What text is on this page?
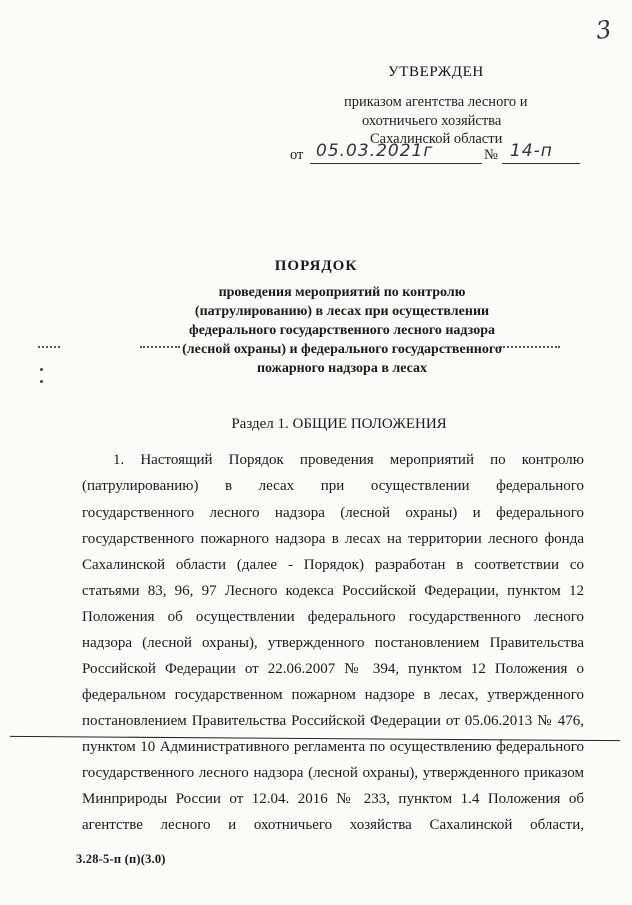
3
УТВЕРЖДЕН
приказом агентства лесного и
охотничьего хозяйства
Сахалинской области
от 05.03.2021г	№ 14-п
ПОРЯДОК
проведения мероприятий по контролю
(патрулированию) в лесах при осуществлении
федерального государственного лесного надзора
(лесной охраны) и федерального государственного
пожарного надзора в лесах
Раздел 1. ОБЩИЕ ПОЛОЖЕНИЯ
1. Настоящий Порядок проведения мероприятий по контролю
(патрулированию) в лесах при осуществлении федерального
государственного лесного надзора (лесной охраны) и федерального
государственного пожарного надзора в лесах на территории лесного фонда
Сахалинской области (далее - Порядок) разработан в соответствии со
статьями 83, 96, 97 Лесного кодекса Российской Федерации, пунктом 12
Положения об осуществлении федерального государственного лесного
надзора (лесной охраны), утвержденного постановлением Правительства
Российской Федерации от 22.06.2007 № 394, пунктом 12 Положения о
федеральном государственном пожарном надзоре в лесах, утвержденного
постановлением Правительства Российской Федерации от 05.06.2013 № 476,
пунктом 10 Административного регламента по осуществлению федерального
государственного лесного надзора (лесной охраны), утвержденного приказом
Минприроды России от 12.04. 2016 № 233, пунктом 1.4 Положения об
агентстве лесного и охотничьего хозяйства Сахалинской области,
3.28-5-п (п)(3.0)
